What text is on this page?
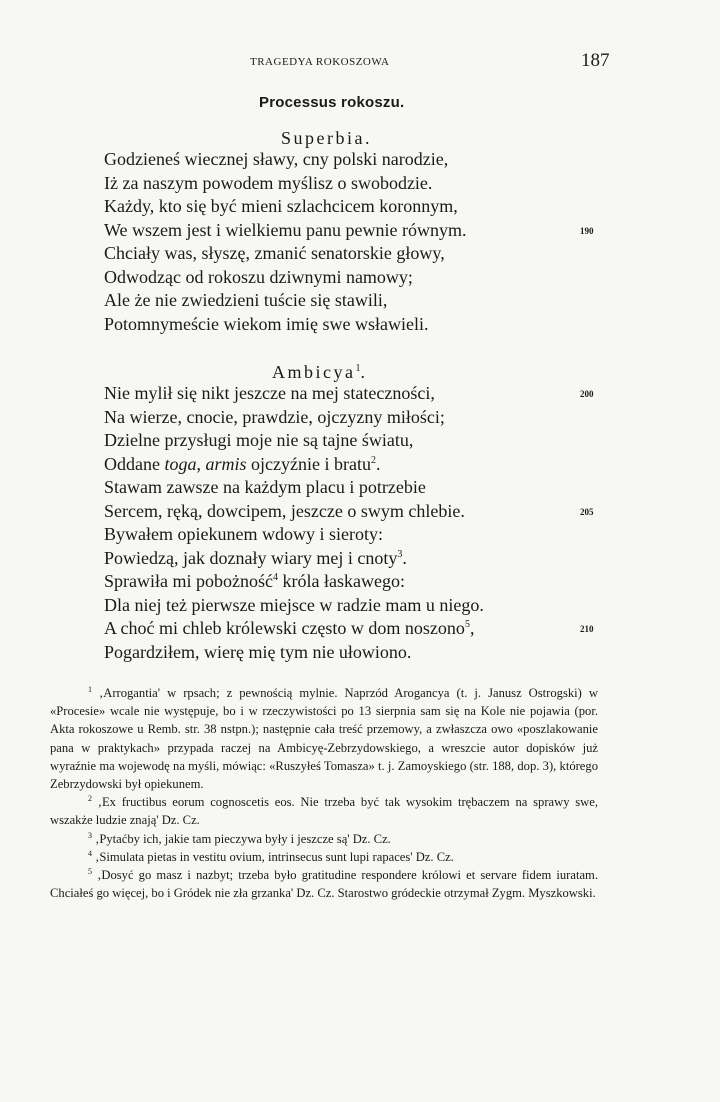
TRAGEDYA ROKOSZOWA	187
Processus rokoszu.
Superbia.
Godzieneś wiecznej sławy, cny polski narodzie,
Iż za naszym powodem myślisz o swobodzie.
Każdy, kto się być mieni szlachcicem koronnym,
We wszem jest i wielkiemu panu pewnie równym.	190
Chciały was, słyszę, zmanić senatorskie głowy,
Odwodząc od rokoszu dziwnymi namowy;
Ale że nie zwiedzieni tuście się stawili,
Potomnymeście wiekom imię swe wsławieli.
Ambicya$^1$.
Nie mylił się nikt jeszcze na mej stateczności,	200
Na wierze, cnocie, prawdzie, ojczyzny miłości;
Dzielne przysługi moje nie są tajne światu,
Oddane toga, armis ojczyźnie i bratu$^2$.
Stawam zawsze na każdym placu i potrzebie
Sercem, ręką, dowcipem, jeszcze o swym chlebie.	205
Bywałem opiekunem wdowy i sieroty:
Powiedzą, jak doznały wiary mej i cnoty$^3$.
Sprawiła mi pobożność$^4$ króla łaskawego:
Dla niej też pierwsze miejsce w radzie mam u niego.
A choć mi chleb królewski często w dom noszono$^5$,	210
Pogardziłem, wierę mię tym nie ułowiono.

$^1$ ‚Arrogantia' w rpsach; z pewnością mylnie. Naprzód Arogancya (t. j. Janusz Ostrogski) w «Procesie» wcale nie występuje, bo i w rzeczywistości po 13 sierpnia sam się na Kole nie pojawia (por. Akta rokoszowe u Remb. str. 38 nstpn.); następnie cała treść przemowy, a zwłaszcza owo «poszlakowanie pana w praktykach» przypada raczej na Ambicyę-Zebrzydowskiego, a wreszcie autor dopisków już wyraźnie ma wojewodę na myśli, mówiąc: «Ruszyłeś Tomasza» t. j. Zamoyskiego (str. 188, dop. 3), którego Zebrzydowski był opiekunem.

$^2$ ‚Ex fructibus eorum cognoscetis eos. Nie trzeba być tak wysokim trębaczem na sprawy swe, wszakże ludzie znają' Dz. Cz.

$^3$ ‚Pytaćby ich, jakie tam pieczywa były i jeszcze są' Dz. Cz.

$^4$ ‚Simulata pietas in vestitu ovium, intrinsecus sunt lupi rapaces' Dz. Cz.

$^5$ ‚Dosyć go masz i nazbyt; trzeba było gratitudine respondere królowi et servare fidem iuratam. Chciałeś go więcej, bo i Gródek nie zła grzanka' Dz. Cz. Starostwo gródeckie otrzymał Zygm. Myszkowski.
